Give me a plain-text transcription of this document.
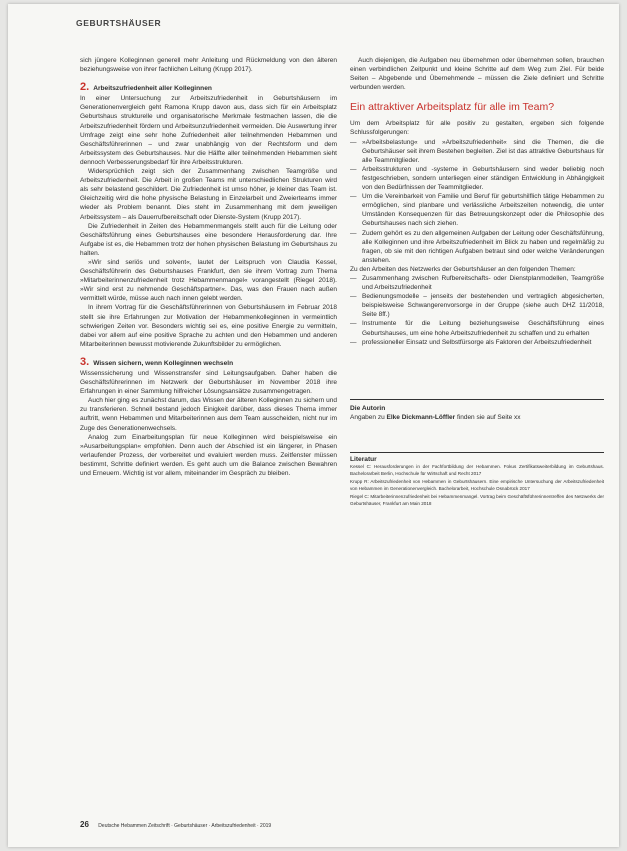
GEBURTSHÄUSER

sich jüngere Kolleginnen generell mehr Anleitung und Rückmeldung von den älteren beziehungsweise von ihrer fachlichen Leitung (Krupp 2017).

2. Arbeitszufriedenheit aller Kolleginnen

In einer Untersuchung zur Arbeitszufriedenheit in Geburtshäusern im Generationenvergleich geht Ramona Krupp davon aus, dass sich für ein Arbeitsplatz Geburtshaus strukturelle und organisatorische Merkmale festmachen lassen, die die Arbeitszufriedenheit fördern und Arbeitsunzufriedenheit vermeiden. Die Auswertung ihrer Umfrage zeigt eine sehr hohe Zufriedenheit aller teilnehmenden Hebammen und Geschäftsführerinnen – und zwar unabhängig von der Rechtsform und dem Arbeitssystem des Geburtshauses. Nur die Hälfte aller teilnehmenden Hebammen sieht dennoch Verbesserungsbedarf für ihre Arbeitsstrukturen.

Widersprüchlich zeigt sich der Zusammenhang zwischen Teamgröße und Arbeitszufriedenheit. Die Arbeit in großen Teams mit unterschiedlichen Strukturen wird als sehr belastend geschildert. Die Zufriedenheit ist umso höher, je kleiner das Team ist. Gleichzeitig wird die hohe physische Belastung in Einzelarbeit und Zweierteams immer wieder als Problem benannt. Dies steht im Zusammenhang mit dem jeweiligen Arbeitssystem – als Dauerrufbereitschaft oder Dienste-System (Krupp 2017).

Die Zufriedenheit in Zeiten des Hebammenmangels stellt auch für die Leitung oder Geschäftsführung eines Geburtshauses eine besondere Herausforderung dar. Ihre Aufgabe ist es, die Hebammen trotz der hohen physischen Belastung im Geburtshaus zu halten.

»Wir sind seriös und solvent«, lautet der Leitspruch von Claudia Kessel, Geschäftsführerin des Geburtshauses Frankfurt, den sie ihrem Vortrag zum Thema »Mitarbeiterinnenzufriedenheit trotz Hebammenmangel« vorangestellt (Riegel 2018). »Wir sind erst zu nehmende Geschäftspartner«. Das, was den Frauen nach außen vermittelt würde, müsse auch nach innen gelebt werden.

In ihrem Vortrag für die Geschäftsführerinnen von Geburtshäusern im Februar 2018 stellt sie ihre Erfahrungen zur Motivation der Hebammenkolleginnen in vermeintlich schwierigen Zeiten vor. Besonders wichtig sei es, eine positive Energie zu vermitteln, dabei vor allem auf eine positive Sprache zu achten und den Hebammen und anderen Mitarbeiterinnen bewusst motivierende Zukunftsbilder zu ermöglichen.

3. Wissen sichern, wenn Kolleginnen wechseln

Wissenssicherung und Wissenstransfer sind Leitungsaufgaben. Daher haben die Geschäftsführerinnen im Netzwerk der Geburtshäuser im November 2018 ihre Erfahrungen in einer Sammlung hilfreicher Lösungsansätze zusammengetragen.

Auch hier ging es zunächst darum, das Wissen der älteren Kolleginnen zu sichern und zu transferieren. Schnell bestand jedoch Einigkeit darüber, dass dieses Thema immer auftritt, wenn Hebammen und Mitarbeiterinnen aus dem Team ausscheiden, nicht nur im Zuge des Generationenwechsels.

Analog zum Einarbeitungsplan für neue Kolleginnen wird beispielsweise ein »Ausarbeitungsplan« empfohlen. Denn auch der Abschied ist ein längerer, in Phasen verlaufender Prozess, der vorbereitet und evaluiert werden muss. Zeitfenster müssen bestimmt, Schritte definiert werden. Es geht auch um die Balance zwischen Bewahren und Erneuern. Wichtig ist vor allem, miteinander im Gespräch zu bleiben.

Auch diejenigen, die Aufgaben neu übernehmen oder übernehmen sollen, brauchen einen verbindlichen Zeitpunkt und kleine Schritte auf dem Weg zum Ziel. Für beide Seiten – Abgebende und Übernehmende – müssen die Ziele definiert und Schritte verbunden werden.

Ein attraktiver Arbeitsplatz für alle im Team?

Um dem Arbeitsplatz für alle positiv zu gestalten, ergeben sich folgende Schlussfolgerungen:

— »Arbeitsbelastung« und »Arbeitszufriedenheit« sind die Themen, die die Geburtshäuser seit ihrem Bestehen begleiten. Ziel ist das attraktive Geburtshaus für alle Teammitglieder.
— Arbeitsstrukturen und -systeme in Geburtshäusern sind weder beliebig noch festgeschrieben, sondern unterliegen einer ständigen Entwicklung in Abhängigkeit von den Bedürfnissen der Teammitglieder.
— Um die Vereinbarkeit von Familie und Beruf für geburtshilflich tätige Hebammen zu ermöglichen, sind planbare und verlässliche Arbeitszeiten notwendig, die unter Umständen Konsequenzen für das Betreuungskonzept oder die Philosophie des Geburtshauses nach sich ziehen.
— Zudem gehört es zu den allgemeinen Aufgaben der Leitung oder Geschäftsführung, alle Kolleginnen und ihre Arbeitszufriedenheit im Blick zu haben und regelmäßig zu fragen, ob sie mit den richtigen Aufgaben betraut sind oder welche Veränderungen anstehen.

Zu den Arbeiten des Netzwerks der Geburtshäuser an den folgenden Themen:

— Zusammenhang zwischen Rufbereitschafts- oder Dienstplanmodellen, Teamgröße und Arbeitszufriedenheit
— Bedienungsmodelle – jenseits der bestehenden und vertraglich abgesicherten, beispielsweise Schwangerenvorsorge in der Gruppe (siehe auch DHZ 11/2018, Seite 8ff.)
— Instrumente für die Leitung beziehungsweise Geschäftsführung eines Geburtshauses, um eine hohe Arbeitszufriedenheit zu schaffen und zu erhalten
— professioneller Einsatz und Selbstfürsorge als Faktoren der Arbeitszufriedenheit
Die Autorin
Angaben zu Elke Dickmann-Löffler finden sie auf Seite xx
Literatur

Kessel C: Herausforderungen in der Fachfortbildung der Hebammen. Fokus Zertifikatsweiterbildung im Geburtshaus. Bachelorarbeit Berlin, Hochschule für Wirtschaft und Recht 2017

Krupp R: Arbeitszufriedenheit von Hebammen in Geburtshäusern. Eine empirische Untersuchung der Arbeitszufriedenheit von Hebammen im Generationenvergleich. Bachelorarbeit, Hochschule Osnabrück 2017

Riegel C: Mitarbeiterinnenzufriedenheit bei Hebammenmangel. Vortrag beim Geschäftsführerinnentreffen des Netzwerks der Geburtshäuser, Frankfurt am Main 2018

26 Deutsche Hebammen Zeitschrift · Geburtshäuser · Arbeitszufriedenheit · 2019
